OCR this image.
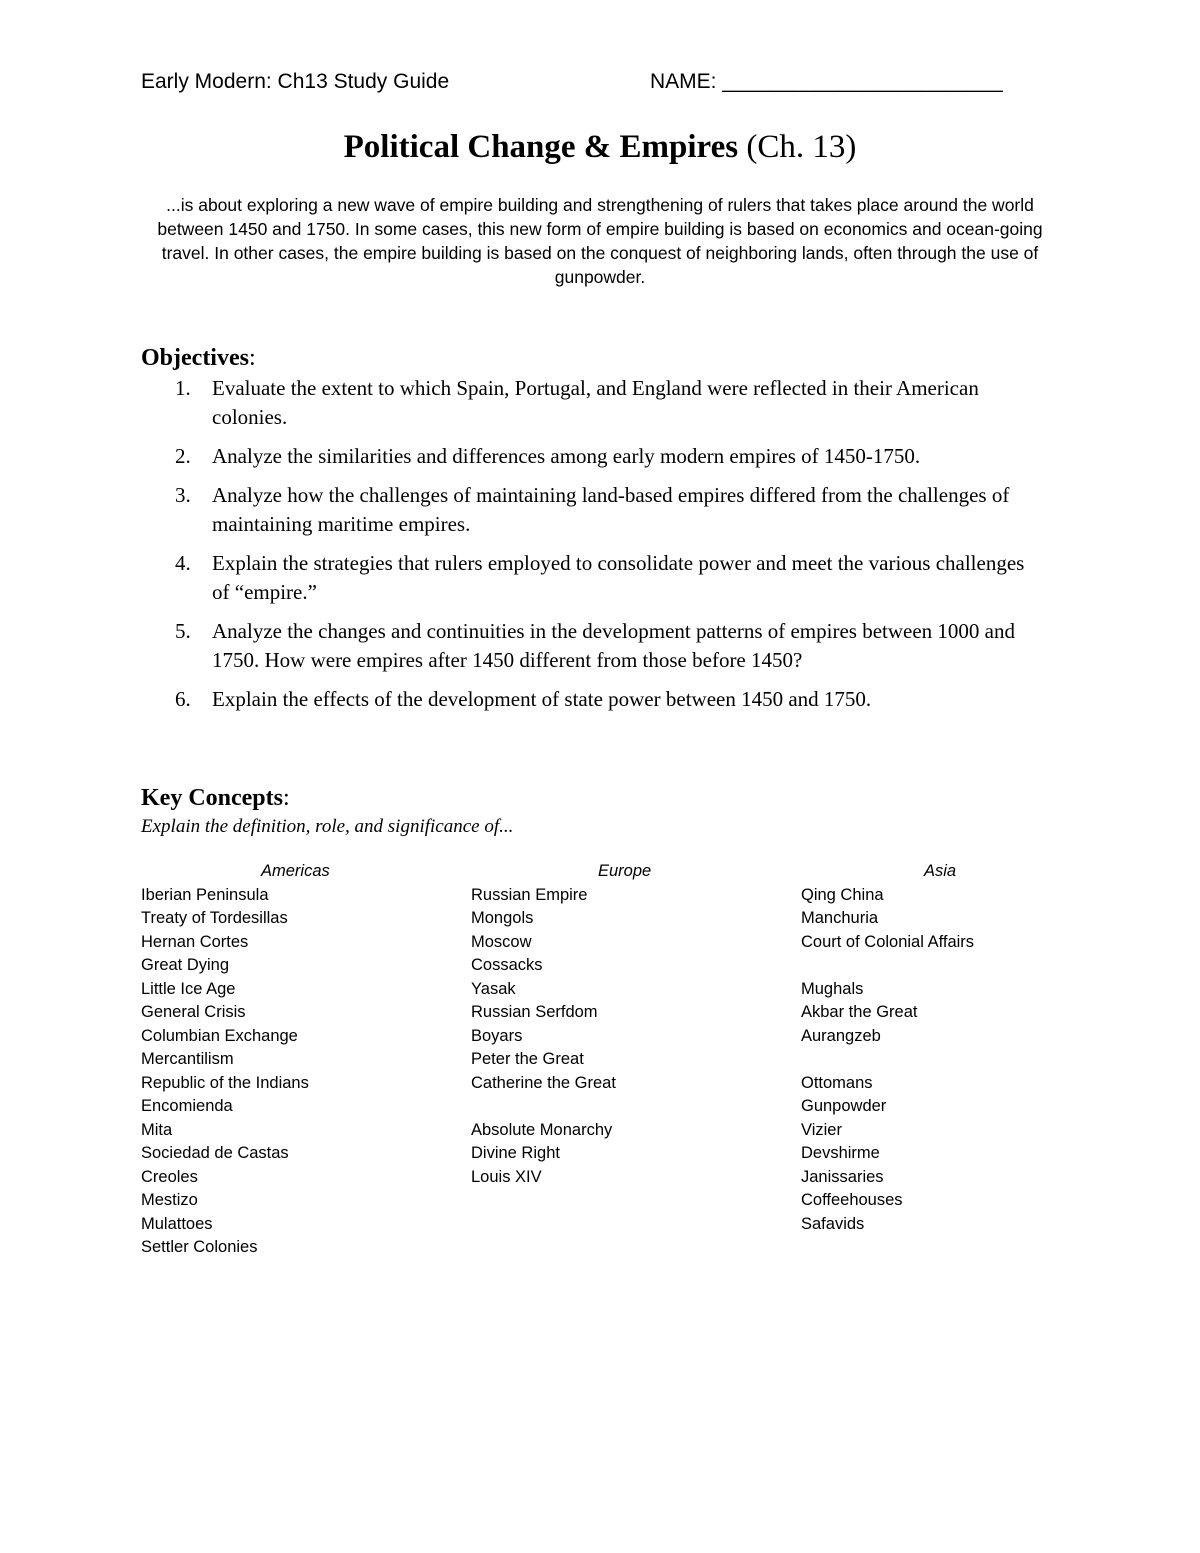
Early Modern: Ch13 Study Guide	NAME: ________________________
Political Change & Empires (Ch. 13)
...is about exploring a new wave of empire building and strengthening of rulers that takes place around the world between 1450 and 1750. In some cases, this new form of empire building is based on economics and ocean-going travel. In other cases, the empire building is based on the conquest of neighboring lands, often through the use of gunpowder.
Objectives:
1. Evaluate the extent to which Spain, Portugal, and England were reflected in their American colonies.
2. Analyze the similarities and differences among early modern empires of 1450-1750.
3. Analyze how the challenges of maintaining land-based empires differed from the challenges of maintaining maritime empires.
4. Explain the strategies that rulers employed to consolidate power and meet the various challenges of “empire.”
5. Analyze the changes and continuities in the development patterns of empires between 1000 and 1750. How were empires after 1450 different from those before 1450?
6. Explain the effects of the development of state power between 1450 and 1750.
Key Concepts:
Explain the definition, role, and significance of...
Americas
Iberian Peninsula
Treaty of Tordesillas
Hernan Cortes
Great Dying
Little Ice Age
General Crisis
Columbian Exchange
Mercantilism
Republic of the Indians
Encomienda
Mita
Sociedad de Castas
Creoles
Mestizo
Mulattoes
Settler Colonies
Europe
Russian Empire
Mongols
Moscow
Cossacks
Yasak
Russian Serfdom
Boyars
Peter the Great
Catherine the Great
Absolute Monarchy
Divine Right
Louis XIV
Asia
Qing China
Manchuria
Court of Colonial Affairs
Mughals
Akbar the Great
Aurangzeb
Ottomans
Gunpowder
Vizier
Devshirme
Janissaries
Coffeehouses
Safavids
